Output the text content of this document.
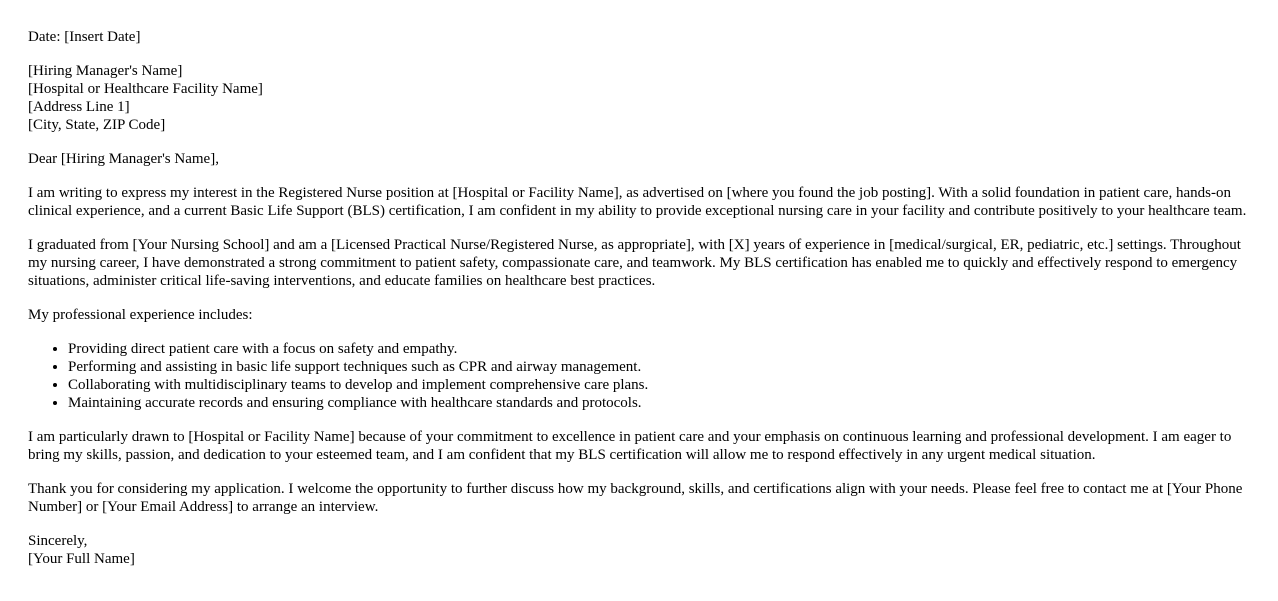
Date: [Insert Date]

[Hiring Manager's Name]
[Hospital or Healthcare Facility Name]
[Address Line 1]
[City, State, ZIP Code]

Dear [Hiring Manager's Name],

I am writing to express my interest in the Registered Nurse position at [Hospital or Facility Name], as advertised on [where you found the job posting]. With a solid foundation in patient care, hands-on clinical experience, and a current Basic Life Support (BLS) certification, I am confident in my ability to provide exceptional nursing care in your facility and contribute positively to your healthcare team.

I graduated from [Your Nursing School] and am a [Licensed Practical Nurse/Registered Nurse, as appropriate], with [X] years of experience in [medical/surgical, ER, pediatric, etc.] settings. Throughout my nursing career, I have demonstrated a strong commitment to patient safety, compassionate care, and teamwork. My BLS certification has enabled me to quickly and effectively respond to emergency situations, administer critical life-saving interventions, and educate families on healthcare best practices.

My professional experience includes:

• Providing direct patient care with a focus on safety and empathy.
• Performing and assisting in basic life support techniques such as CPR and airway management.
• Collaborating with multidisciplinary teams to develop and implement comprehensive care plans.
• Maintaining accurate records and ensuring compliance with healthcare standards and protocols.

I am particularly drawn to [Hospital or Facility Name] because of your commitment to excellence in patient care and your emphasis on continuous learning and professional development. I am eager to bring my skills, passion, and dedication to your esteemed team, and I am confident that my BLS certification will allow me to respond effectively in any urgent medical situation.

Thank you for considering my application. I welcome the opportunity to further discuss how my background, skills, and certifications align with your needs. Please feel free to contact me at [Your Phone Number] or [Your Email Address] to arrange an interview.

Sincerely,
[Your Full Name]
